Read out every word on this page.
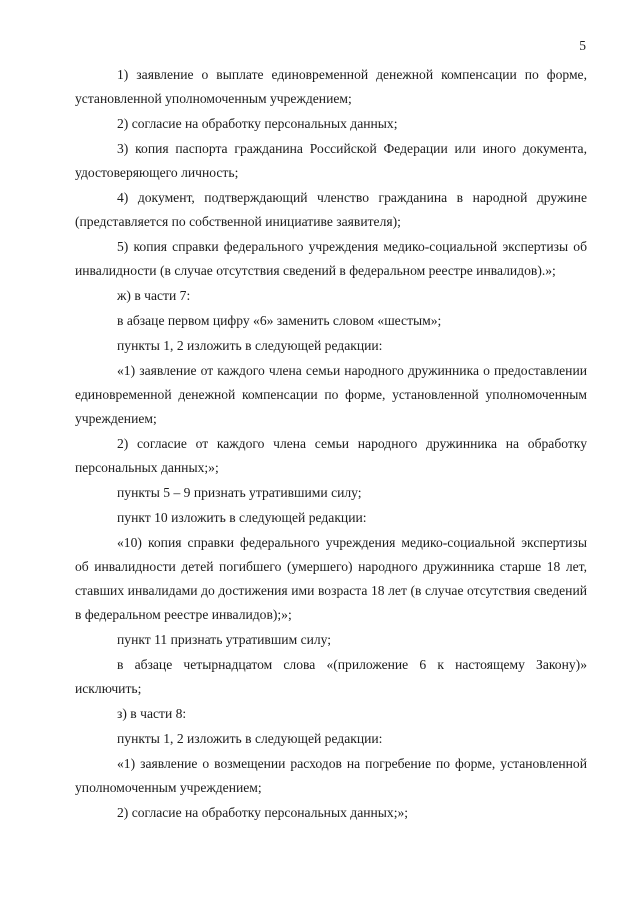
5

1) заявление о выплате единовременной денежной компенсации по форме, установленной уполномоченным учреждением;

2) согласие на обработку персональных данных;

3) копия паспорта гражданина Российской Федерации или иного документа, удостоверяющего личность;

4) документ, подтверждающий членство гражданина в народной дружине (представляется по собственной инициативе заявителя);

5) копия справки федерального учреждения медико-социальной экспертизы об инвалидности (в случае отсутствия сведений в федеральном реестре инвалидов).»;

ж) в части 7:

в абзаце первом цифру «6» заменить словом «шестым»;

пункты 1, 2 изложить в следующей редакции:

«1) заявление от каждого члена семьи народного дружинника о предоставлении единовременной денежной компенсации по форме, установленной уполномоченным учреждением;

2) согласие от каждого члена семьи народного дружинника на обработку персональных данных;»;

пункты 5 – 9 признать утратившими силу;

пункт 10 изложить в следующей редакции:

«10) копия справки федерального учреждения медико-социальной экспертизы об инвалидности детей погибшего (умершего) народного дружинника старше 18 лет, ставших инвалидами до достижения ими возраста 18 лет (в случае отсутствия сведений в федеральном реестре инвалидов);»;

пункт 11 признать утратившим силу;

в абзаце четырнадцатом слова «(приложение 6 к настоящему Закону)» исключить;

з) в части 8:

пункты 1, 2 изложить в следующей редакции:

«1) заявление о возмещении расходов на погребение по форме, установленной уполномоченным учреждением;

2) согласие на обработку персональных данных;»;
